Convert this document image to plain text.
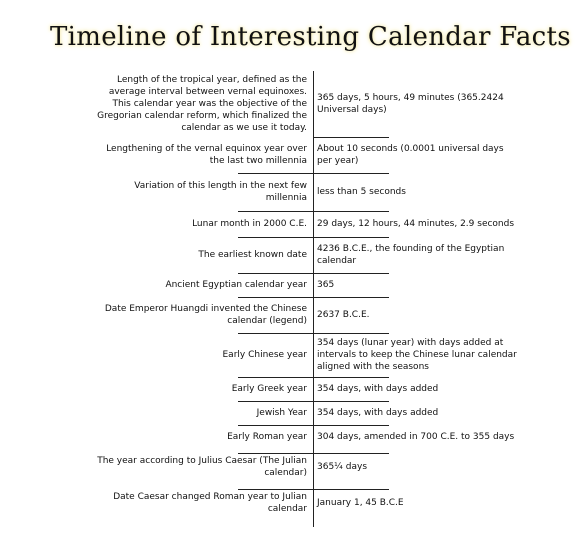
Timeline of Interesting Calendar Facts
Length of the tropical year, defined as the average interval between vernal equinoxes. This calendar year was the objective of the Gregorian calendar reform, which finalized the calendar as we use it today.
365 days, 5 hours, 49 minutes (365.2424 Universal days)
Lengthening of the vernal equinox year over the last two millennia
About 10 seconds (0.0001 universal days per year)
Variation of this length in the next few millennia
less than 5 seconds
Lunar month in 2000 C.E. 29 days, 12 hours, 44 minutes, 2.9 seconds
The earliest known date
4236 B.C.E., the founding of the Egyptian calendar
Ancient Egyptian calendar year 365
Date Emperor Huangdi invented the Chinese calendar (legend)
2637 B.C.E.
Early Chinese year
354 days (lunar year) with days added at intervals to keep the Chinese lunar calendar aligned with the seasons
Early Greek year 354 days, with days added
Jewish Year 354 days, with days added
Early Roman year 304 days, amended in 700 C.E. to 355 days
The year according to Julius Caesar (The Julian calendar)
365¼ days
Date Caesar changed Roman year to Julian calendar
January 1, 45 B.C.E
